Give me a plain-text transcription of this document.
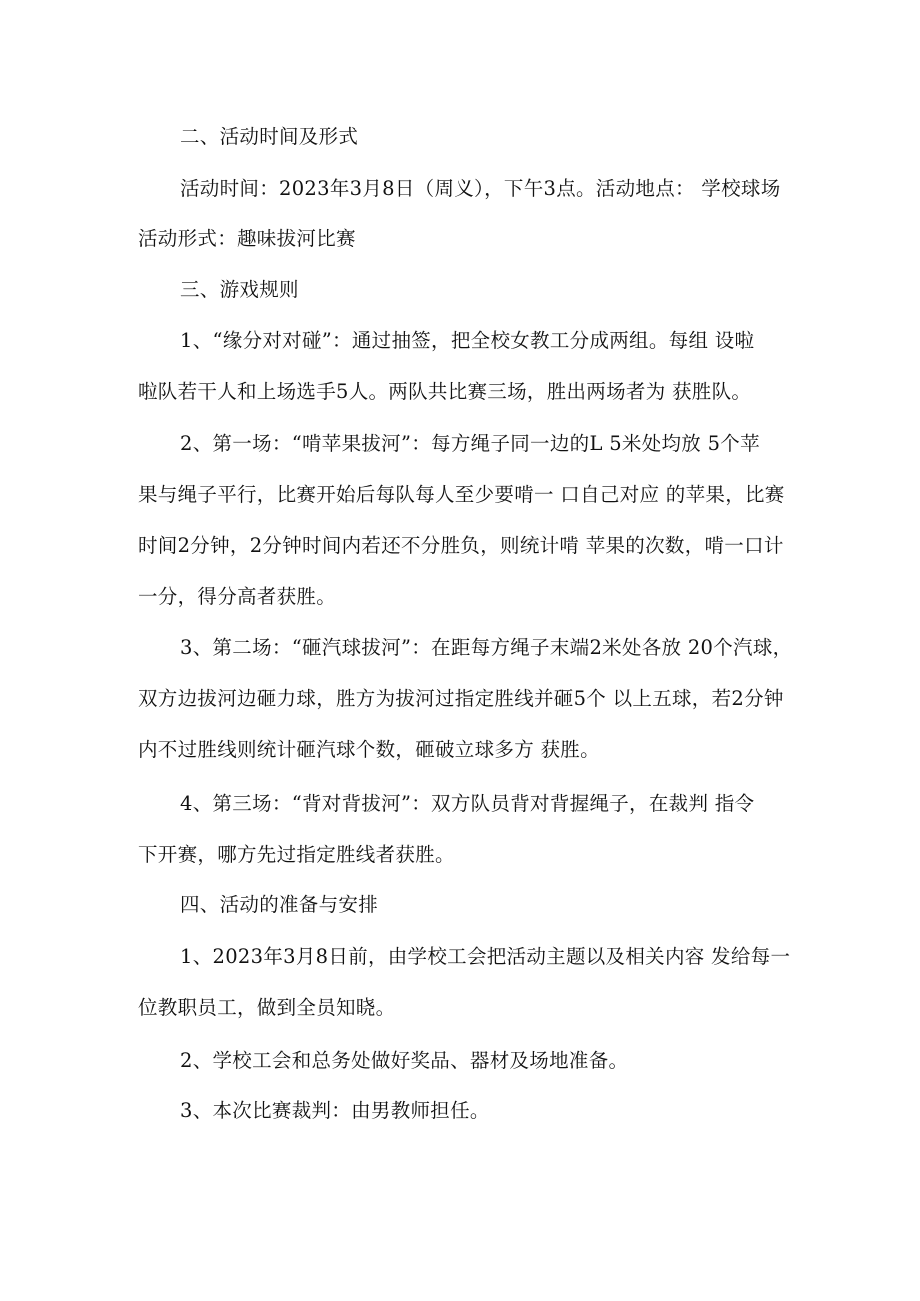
二、活动时间及形式
活动时间：2023年3月8日（周义），下午3点。活动地点： 学校球场
活动形式：趣味拔河比赛
三、游戏规则
1、“缘分对对碰”：通过抽签，把全校女教工分成两组。每组 设啦
啦队若干人和上场选手5人。两队共比赛三场，胜出两场者为 获胜队。
2、第一场：“啃苹果拔河”：每方绳子同一边的L 5米处均放 5个苹
果与绳子平行，比赛开始后每队每人至少要啃一 口自己对应 的苹果，比赛
时间2分钟，2分钟时间内若还不分胜负，则统计啃 苹果的次数，啃一口计
一分，得分高者获胜。
3、第二场：“砸汽球拔河”：在距每方绳子末端2米处各放 20个汽球，
双方边拔河边砸力球，胜方为拔河过指定胜线并砸5个 以上五球，若2分钟
内不过胜线则统计砸汽球个数，砸破立球多方 获胜。
4、第三场：“背对背拔河”：双方队员背对背握绳子，在裁判 指令
下开赛，哪方先过指定胜线者获胜。
四、活动的准备与安排
1、2023年3月8日前，由学校工会把活动主题以及相关内容 发给每一
位教职员工，做到全员知晓。
2、学校工会和总务处做好奖品、器材及场地准备。
3、本次比赛裁判：由男教师担任。
